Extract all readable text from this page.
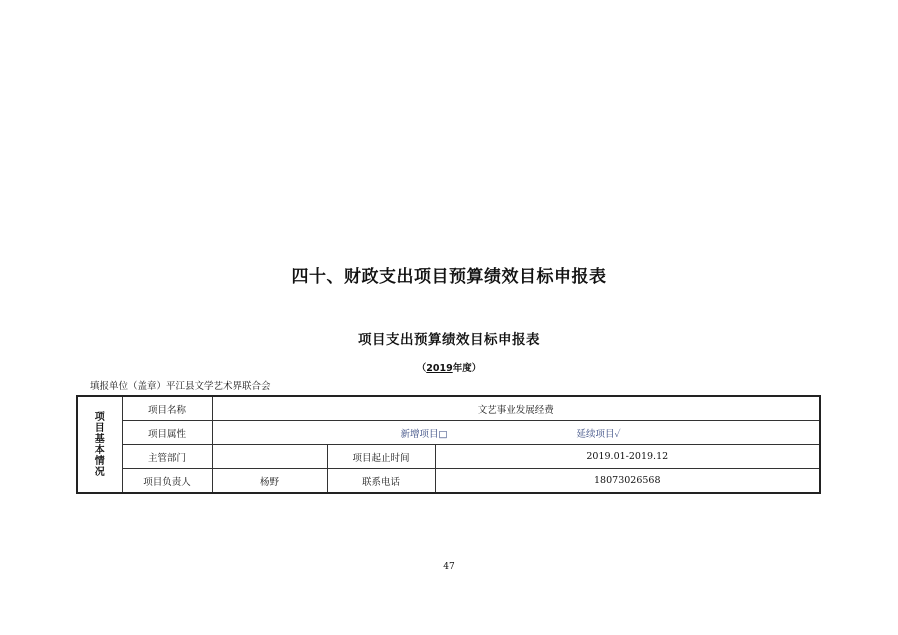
四十、财政支出项目预算绩效目标申报表
项目支出预算绩效目标申报表
（2019年度）
填报单位（盖章）平江县文学艺术界联合会
项目基本情况	项目名称	文艺事业发展经费		
	项目属性	新增项目□ 延续项目✓		

	主管部门		项目起止时间	2019.01-2019.12
	项目负责人	杨野	联系电话	18073026568
47
